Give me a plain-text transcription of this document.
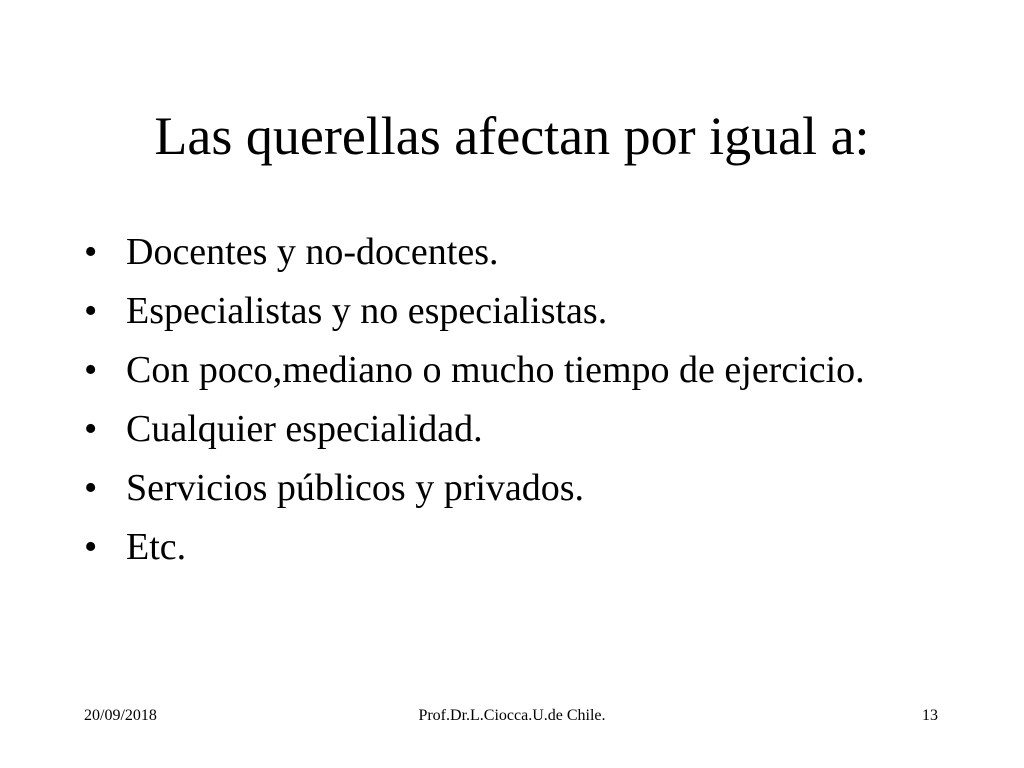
Las querellas afectan por igual a:
• Docentes y no-docentes.
• Especialistas y no especialistas.
• Con poco,mediano o mucho tiempo de ejercicio.
• Cualquier especialidad.
• Servicios públicos y privados.
• Etc.
20/09/2018	Prof.Dr.L.Ciocca.U.de Chile.	13
